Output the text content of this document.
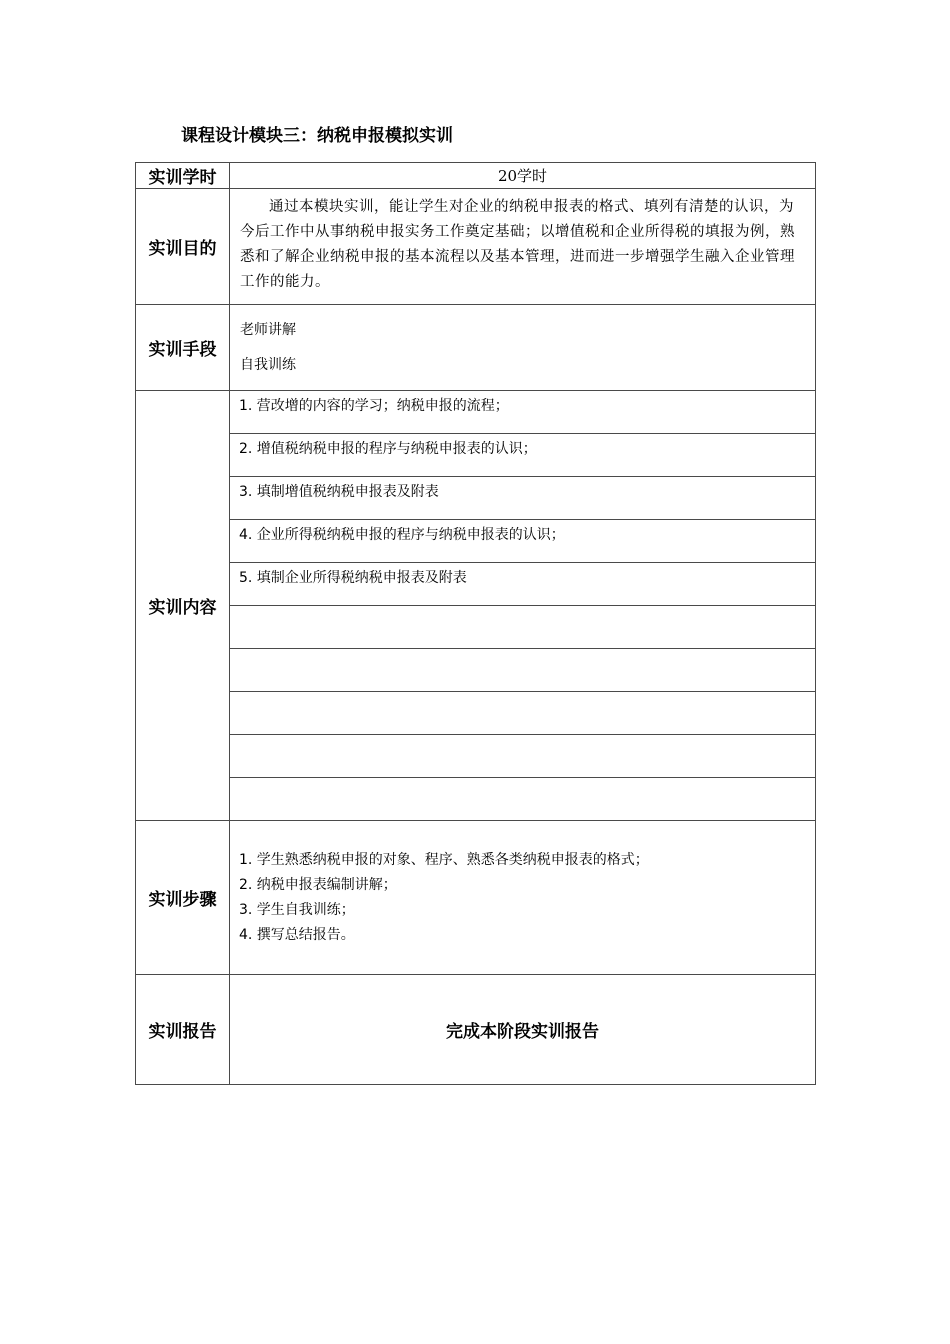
课程设计模块三：纳税申报模拟实训
实训学时	20学时
实训目的	通过本模块实训，能让学生对企业的纳税申报表的格式、填列有清楚的认识，为今后工作中从事纳税申报实务工作奠定基础；以增值税和企业所得税的填报为例，熟悉和了解企业纳税申报的基本流程以及基本管理，进而进一步增强学生融入企业管理工作的能力。
实训手段	老师讲解
自我训练

实训内容	1. 营改增的内容的学习；纳税申报的流程；
	2. 增值税纳税申报的程序与纳税申报表的认识；
	3. 填制增值税纳税申报表及附表
	4. 企业所得税纳税申报的程序与纳税申报表的认识；
	5. 填制企业所得税纳税申报表及附表

实训步骤	1. 学生熟悉纳税申报的对象、程序、熟悉各类纳税申报表的格式；
2. 纳税申报表编制讲解；
3. 学生自我训练；
4. 撰写总结报告。

实训报告	完成本阶段实训报告
